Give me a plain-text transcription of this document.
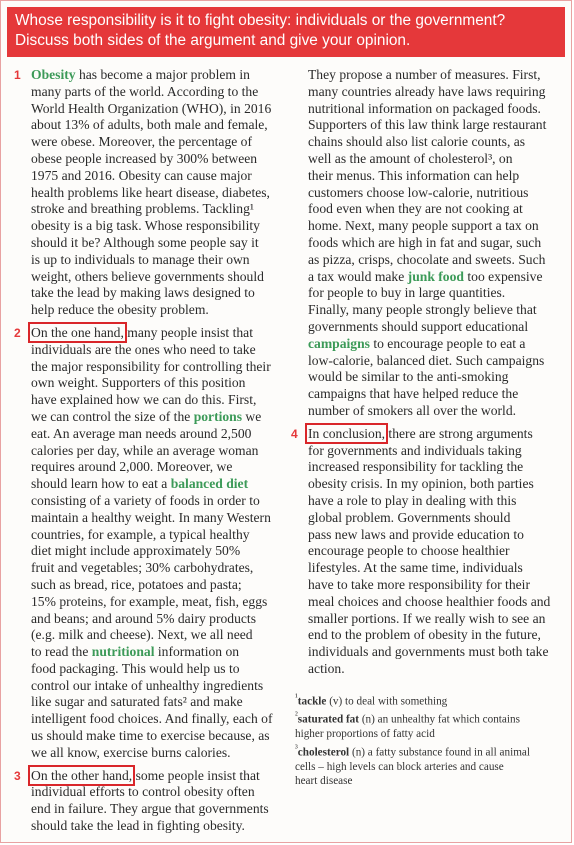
Whose responsibility is it to fight obesity: individuals or the government?
Discuss both sides of the argument and give your opinion.
1 Obesity has become a major problem in
many parts of the world. According to the
World Health Organization (WHO), in 2016
about 13% of adults, both male and female,
were obese. Moreover, the percentage of
obese people increased by 300% between
1975 and 2016. Obesity can cause major
health problems like heart disease, diabetes,
stroke and breathing problems. Tackling¹
obesity is a big task. Whose responsibility
should it be? Although some people say it
is up to individuals to manage their own
weight, others believe governments should
take the lead by making laws designed to
help reduce the obesity problem.
2 On the one hand, many people insist that
individuals are the ones who need to take
the major responsibility for controlling their
own weight. Supporters of this position
have explained how we can do this. First,
we can control the size of the portions we
eat. An average man needs around 2,500
calories per day, while an average woman
requires around 2,000. Moreover, we
should learn how to eat a balanced diet
consisting of a variety of foods in order to
maintain a healthy weight. In many Western
countries, for example, a typical healthy
diet might include approximately 50%
fruit and vegetables; 30% carbohydrates,
such as bread, rice, potatoes and pasta;
15% proteins, for example, meat, fish, eggs
and beans; and around 5% dairy products
(e.g. milk and cheese). Next, we all need
to read the nutritional information on
food packaging. This would help us to
control our intake of unhealthy ingredients
like sugar and saturated fats² and make
intelligent food choices. And finally, each of
us should make time to exercise because, as
we all know, exercise burns calories.
3 On the other hand, some people insist that
individual efforts to control obesity often
end in failure. They argue that governments
should take the lead in fighting obesity.
They propose a number of measures. First,
many countries already have laws requiring
nutritional information on packaged foods.
Supporters of this law think large restaurant
chains should also list calorie counts, as
well as the amount of cholesterol³, on
their menus. This information can help
customers choose low-calorie, nutritious
food even when they are not cooking at
home. Next, many people support a tax on
foods which are high in fat and sugar, such
as pizza, crisps, chocolate and sweets. Such
a tax would make junk food too expensive
for people to buy in large quantities.
Finally, many people strongly believe that
governments should support educational
campaigns to encourage people to eat a
low-calorie, balanced diet. Such campaigns
would be similar to the anti-smoking
campaigns that have helped reduce the
number of smokers all over the world.
4 In conclusion, there are strong arguments
for governments and individuals taking
increased responsibility for tackling the
obesity crisis. In my opinion, both parties
have a role to play in dealing with this
global problem. Governments should
pass new laws and provide education to
encourage people to choose healthier
lifestyles. At the same time, individuals
have to take more responsibility for their
meal choices and choose healthier foods and
smaller portions. If we really wish to see an
end to the problem of obesity in the future,
individuals and governments must both take
action.
$^{^1}$tackle (v) to deal with something
$^{^2}$saturated fat (n) an unhealthy fat which contains
higher proportions of fatty acid
$^{^3}$cholesterol (n) a fatty substance found in all animal
cells – high levels can block arteries and cause
heart disease
